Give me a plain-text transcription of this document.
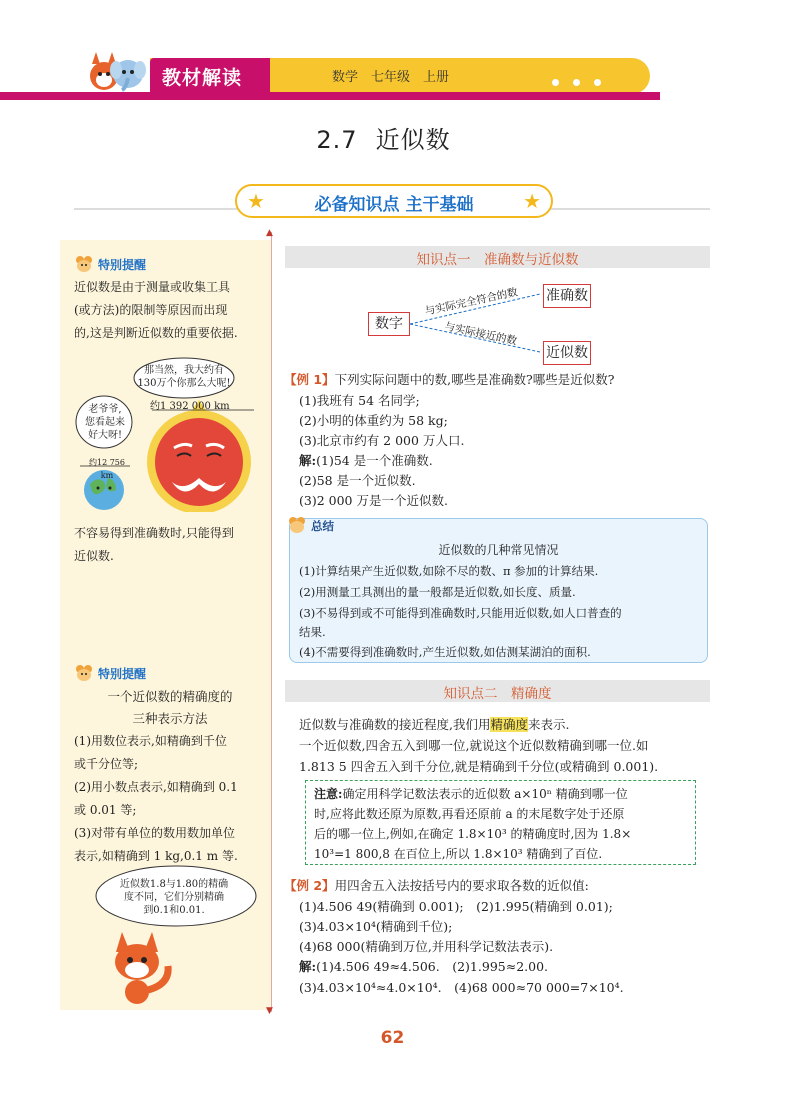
教材解读	数学　七年级　上册
2.7 近似数
★	必备知识点 主干基础	★
▲
▼
特别提醒
近似数是由于测量或收集工具
(或方法)的限制等原因而出现
的,这是判断近似数的重要依据.
那当然，我大约有
130万个你那么大呢!
老爷爷,
您看起来
好大呀!
约1 392 000 km
约12 756 km
不容易得到准确数时,只能得到
近似数.
特别提醒
一个近似数的精确度的
三种表示方法
(1)用数位表示,如精确到千位
或千分位等;
(2)用小数点表示,如精确到 0.1
或 0.01 等;
(3)对带有单位的数用数加单位
表示,如精确到 1 kg,0.1 m 等.
近似数1.8与1.80的精确
度不同，它们分别精确
到0.1和0.01.
知识点一　准确数与近似数
数字
准确数
近似数
与实际完全符合的数
与实际接近的数
【例 1】下列实际问题中的数,哪些是准确数?哪些是近似数?
(1)我班有 54 名同学;
(2)小明的体重约为 58 kg;
(3)北京市约有 2 000 万人口.
解:(1)54 是一个准确数.
(2)58 是一个近似数.
(3)2 000 万是一个近似数.
总结
近似数的几种常见情况
(1)计算结果产生近似数,如除不尽的数、π 参加的计算结果.
(2)用测量工具测出的量一般都是近似数,如长度、质量.
(3)不易得到或不可能得到准确数时,只能用近似数,如人口普查的
结果.
(4)不需要得到准确数时,产生近似数,如估测某湖泊的面积.
知识点二　精确度
近似数与准确数的接近程度,我们用精确度来表示.
一个近似数,四舍五入到哪一位,就说这个近似数精确到哪一位.如
1.813 5 四舍五入到千分位,就是精确到千分位(或精确到 0.001).
注意:确定用科学记数法表示的近似数 a×10ⁿ 精确到哪一位
时,应将此数还原为原数,再看还原前 a 的末尾数字处于还原
后的哪一位上,例如,在确定 1.8×10³ 的精确度时,因为 1.8×
10³=1 800,8 在百位上,所以 1.8×10³ 精确到了百位.
【例 2】用四舍五入法按括号内的要求取各数的近似值:
(1)4.506 49(精确到 0.001);　(2)1.995(精确到 0.01);
(3)4.03×10⁴(精确到千位);
(4)68 000(精确到万位,并用科学记数法表示).
解:(1)4.506 49≈4.506.　(2)1.995≈2.00.
(3)4.03×10⁴≈4.0×10⁴.　(4)68 000≈70 000=7×10⁴.
62
